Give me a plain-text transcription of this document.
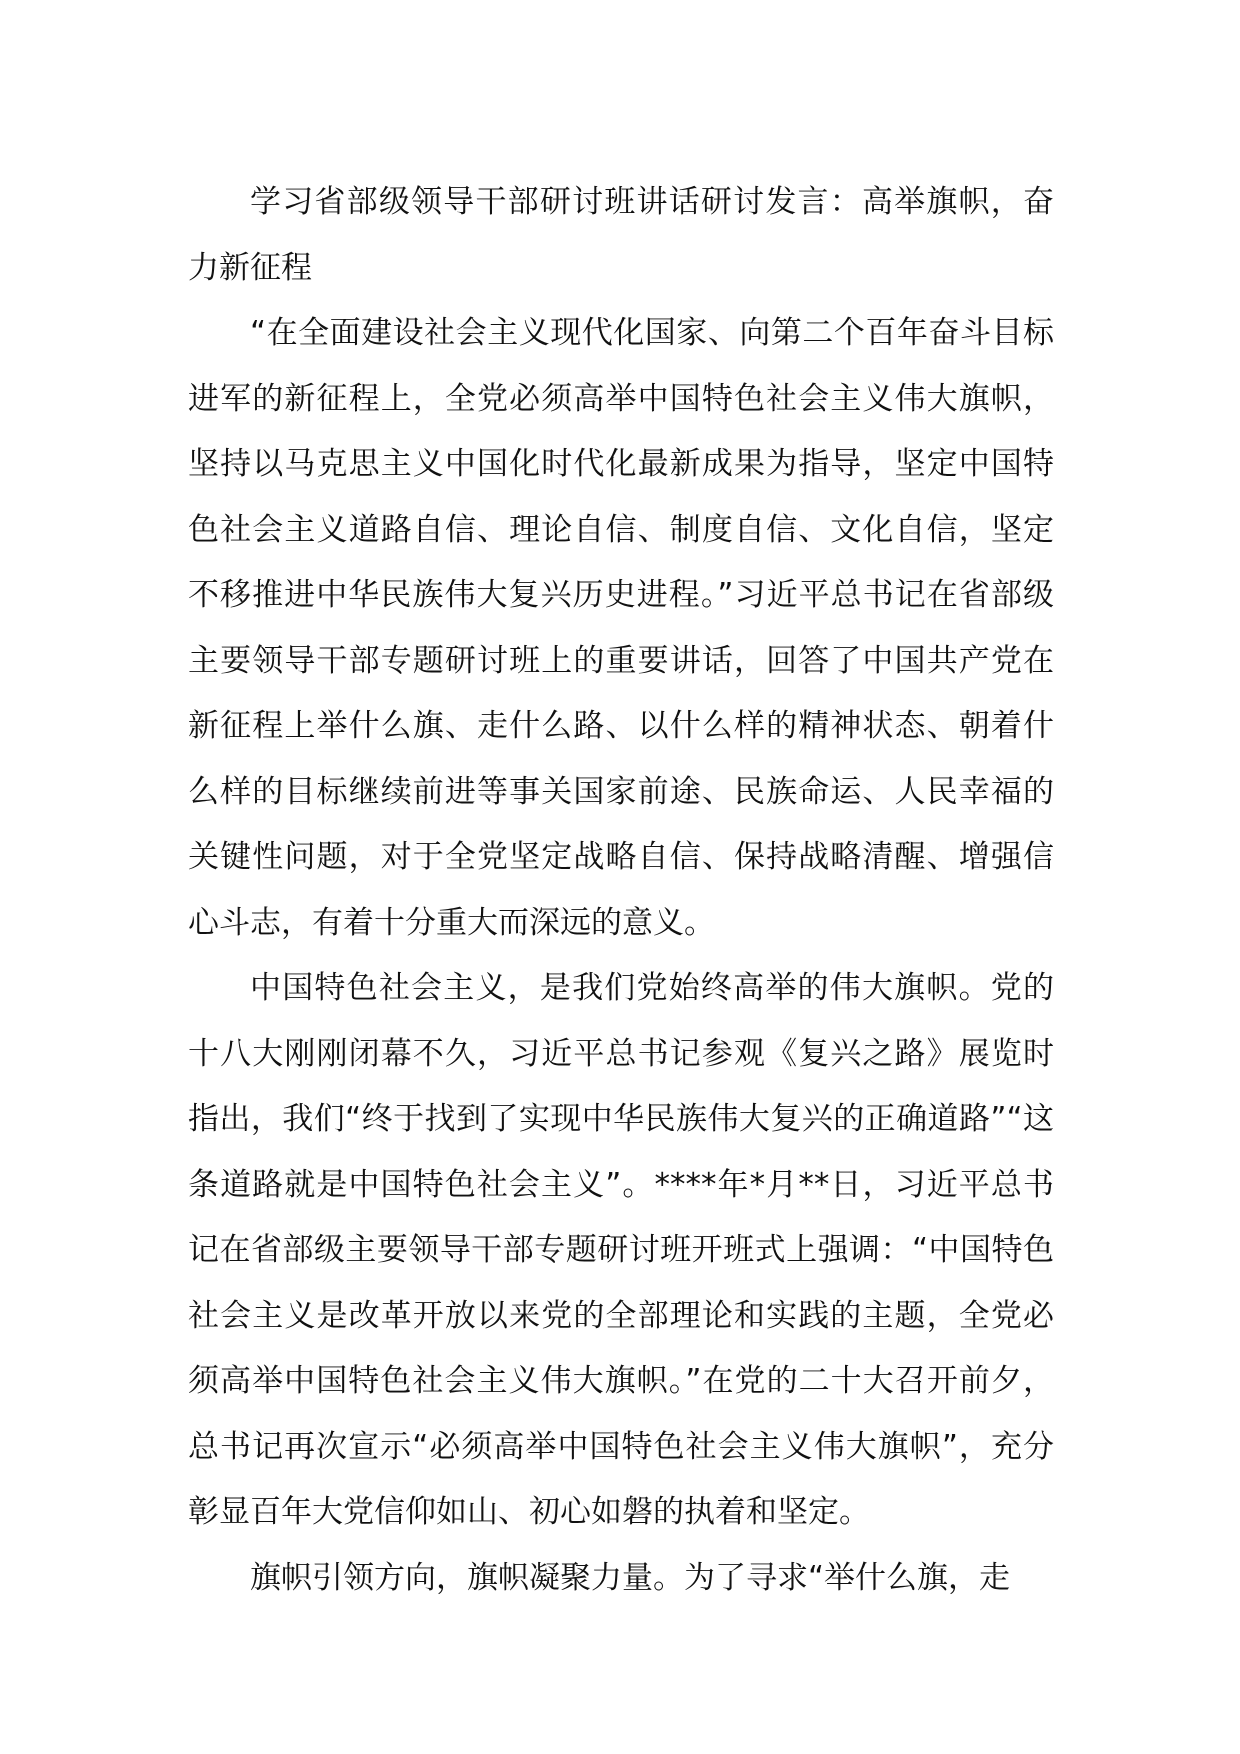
学习省部级领导干部研讨班讲话研讨发言：高举旗帜，奋力新征程

“在全面建设社会主义现代化国家、向第二个百年奋斗目标进军的新征程上，全党必须高举中国特色社会主义伟大旗帜，坚持以马克思主义中国化时代化最新成果为指导，坚定中国特色社会主义道路自信、理论自信、制度自信、文化自信，坚定不移推进中华民族伟大复兴历史进程。”习近平总书记在省部级主要领导干部专题研讨班上的重要讲话，回答了中国共产党在新征程上举什么旗、走什么路、以什么样的精神状态、朝着什么样的目标继续前进等事关国家前途、民族命运、人民幸福的关键性问题，对于全党坚定战略自信、保持战略清醒、增强信心斗志，有着十分重大而深远的意义。

中国特色社会主义，是我们党始终高举的伟大旗帜。党的十八大刚刚闭幕不久，习近平总书记参观《复兴之路》展览时指出，我们“终于找到了实现中华民族伟大复兴的正确道路”“这条道路就是中国特色社会主义”。****年*月**日，习近平总书记在省部级主要领导干部专题研讨班开班式上强调：“中国特色社会主义是改革开放以来党的全部理论和实践的主题，全党必须高举中国特色社会主义伟大旗帜。”在党的二十大召开前夕，总书记再次宣示“必须高举中国特色社会主义伟大旗帜”，充分彰显百年大党信仰如山、初心如磐的执着和坚定。

旗帜引领方向，旗帜凝聚力量。为了寻求“举什么旗，走
